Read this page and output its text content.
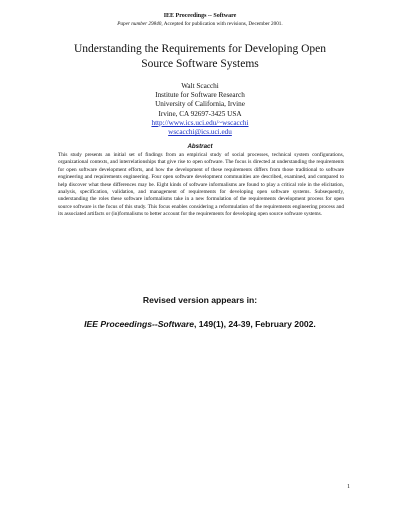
IEE Proceedings -- Software
Paper number 29840, Accepted for publication with revisions, December 2001.
Understanding the Requirements for Developing Open
Source Software Systems
Walt Scacchi
Institute for Software Research
University of California, Irvine
Irvine, CA 92697-3425 USA
http://www.ics.uci.edu/~wscacchi
wscacchi@ics.uci.edu
Abstract

This study presents an initial set of findings from an empirical study of social processes, technical system configurations, organizational contexts, and interrelationships that give rise to open software. The focus is directed at understanding the requirements for open software development efforts, and how the development of these requirements differs from those traditional to software engineering and requirements engineering. Four open software development communities are described, examined, and compared to help discover what these differences may be. Eight kinds of software informalisms are found to play a critical role in the elicitation, analysis, specification, validation, and management of requirements for developing open software systems. Subsequently, understanding the roles these software informalisms take in a new formulation of the requirements development process for open source software is the focus of this study. This focus enables considering a reformulation of the requirements engineering process and its associated artifacts or (in)formalisms to better account for the requirements for developing open source software systems.

Revised version appears in:
IEE Proceedings--Software, 149(1), 24-39, February 2002.
1
